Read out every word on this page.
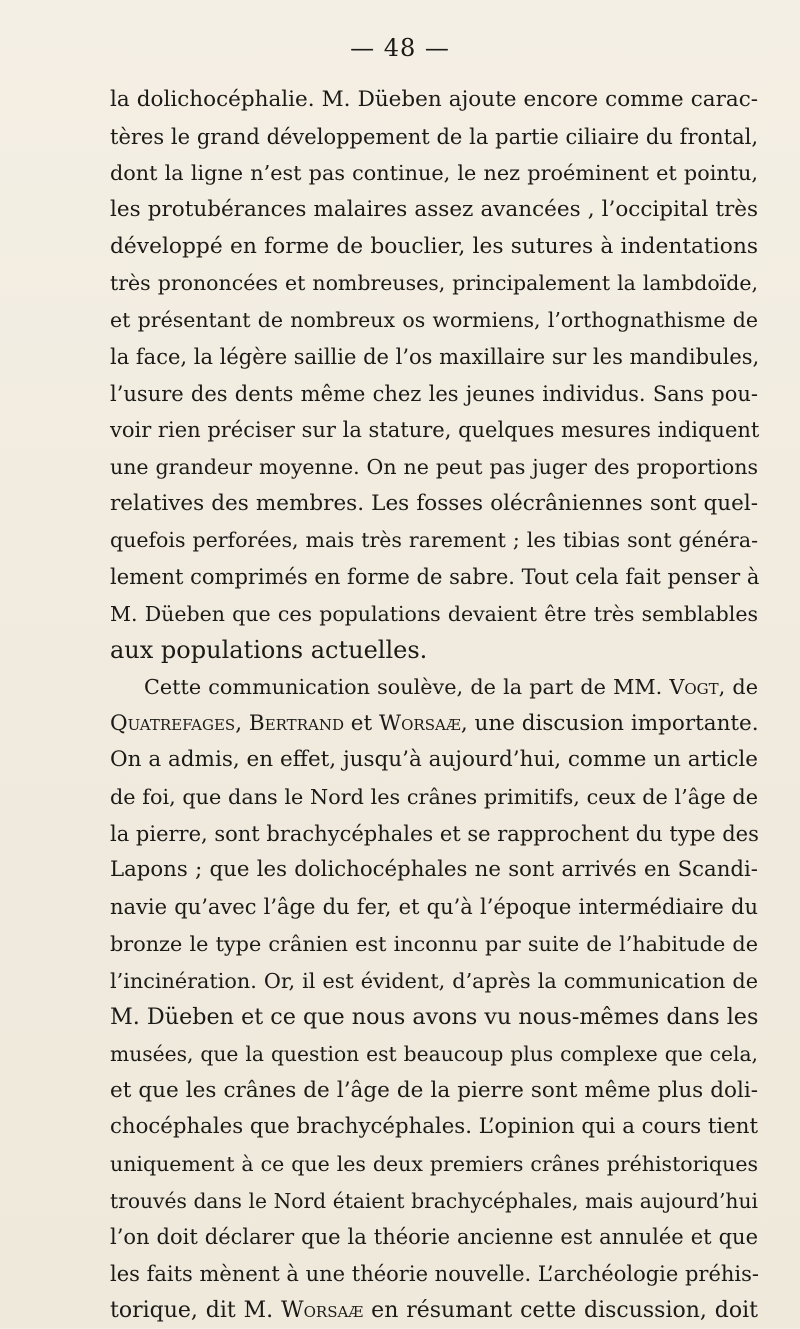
— 48 —
la dolichocéphalie. M. Düeben ajoute encore comme carac-
tères le grand développement de la partie ciliaire du frontal,
dont la ligne n’est pas continue, le nez proéminent et pointu,
les protubérances malaires assez avancées , l’occipital très
développé en forme de bouclier, les sutures à indentations
très prononcées et nombreuses, principalement la lambdoïde,
et présentant de nombreux os wormiens, l’orthognathisme de
la face, la légère saillie de l’os maxillaire sur les mandibules,
l’usure des dents même chez les jeunes individus. Sans pou-
voir rien préciser sur la stature, quelques mesures indiquent
une grandeur moyenne. On ne peut pas juger des proportions
relatives des membres. Les fosses olécrâniennes sont quel-
quefois perforées, mais très rarement ; les tibias sont généra-
lement comprimés en forme de sabre. Tout cela fait penser à
M. Düeben que ces populations devaient être très semblables
aux populations actuelles.
Cette communication soulève, de la part de MM. Vogt, de
Quatrefages, Bertrand et Worsaæ, une discusion importante.
On a admis, en effet, jusqu’à aujourd’hui, comme un article
de foi, que dans le Nord les crânes primitifs, ceux de l’âge de
la pierre, sont brachycéphales et se rapprochent du type des
Lapons ; que les dolichocéphales ne sont arrivés en Scandi-
navie qu’avec l’âge du fer, et qu’à l’époque intermédiaire du
bronze le type crânien est inconnu par suite de l’habitude de
l’incinération. Or, il est évident, d’après la communication de
M. Düeben et ce que nous avons vu nous-mêmes dans les
musées, que la question est beaucoup plus complexe que cela,
et que les crânes de l’âge de la pierre sont même plus doli-
chocéphales que brachycéphales. L’opinion qui a cours tient
uniquement à ce que les deux premiers crânes préhistoriques
trouvés dans le Nord étaient brachycéphales, mais aujourd’hui
l’on doit déclarer que la théorie ancienne est annulée et que
les faits mènent à une théorie nouvelle. L’archéologie préhis-
torique, dit M. Worsaæ en résumant cette discussion, doit
